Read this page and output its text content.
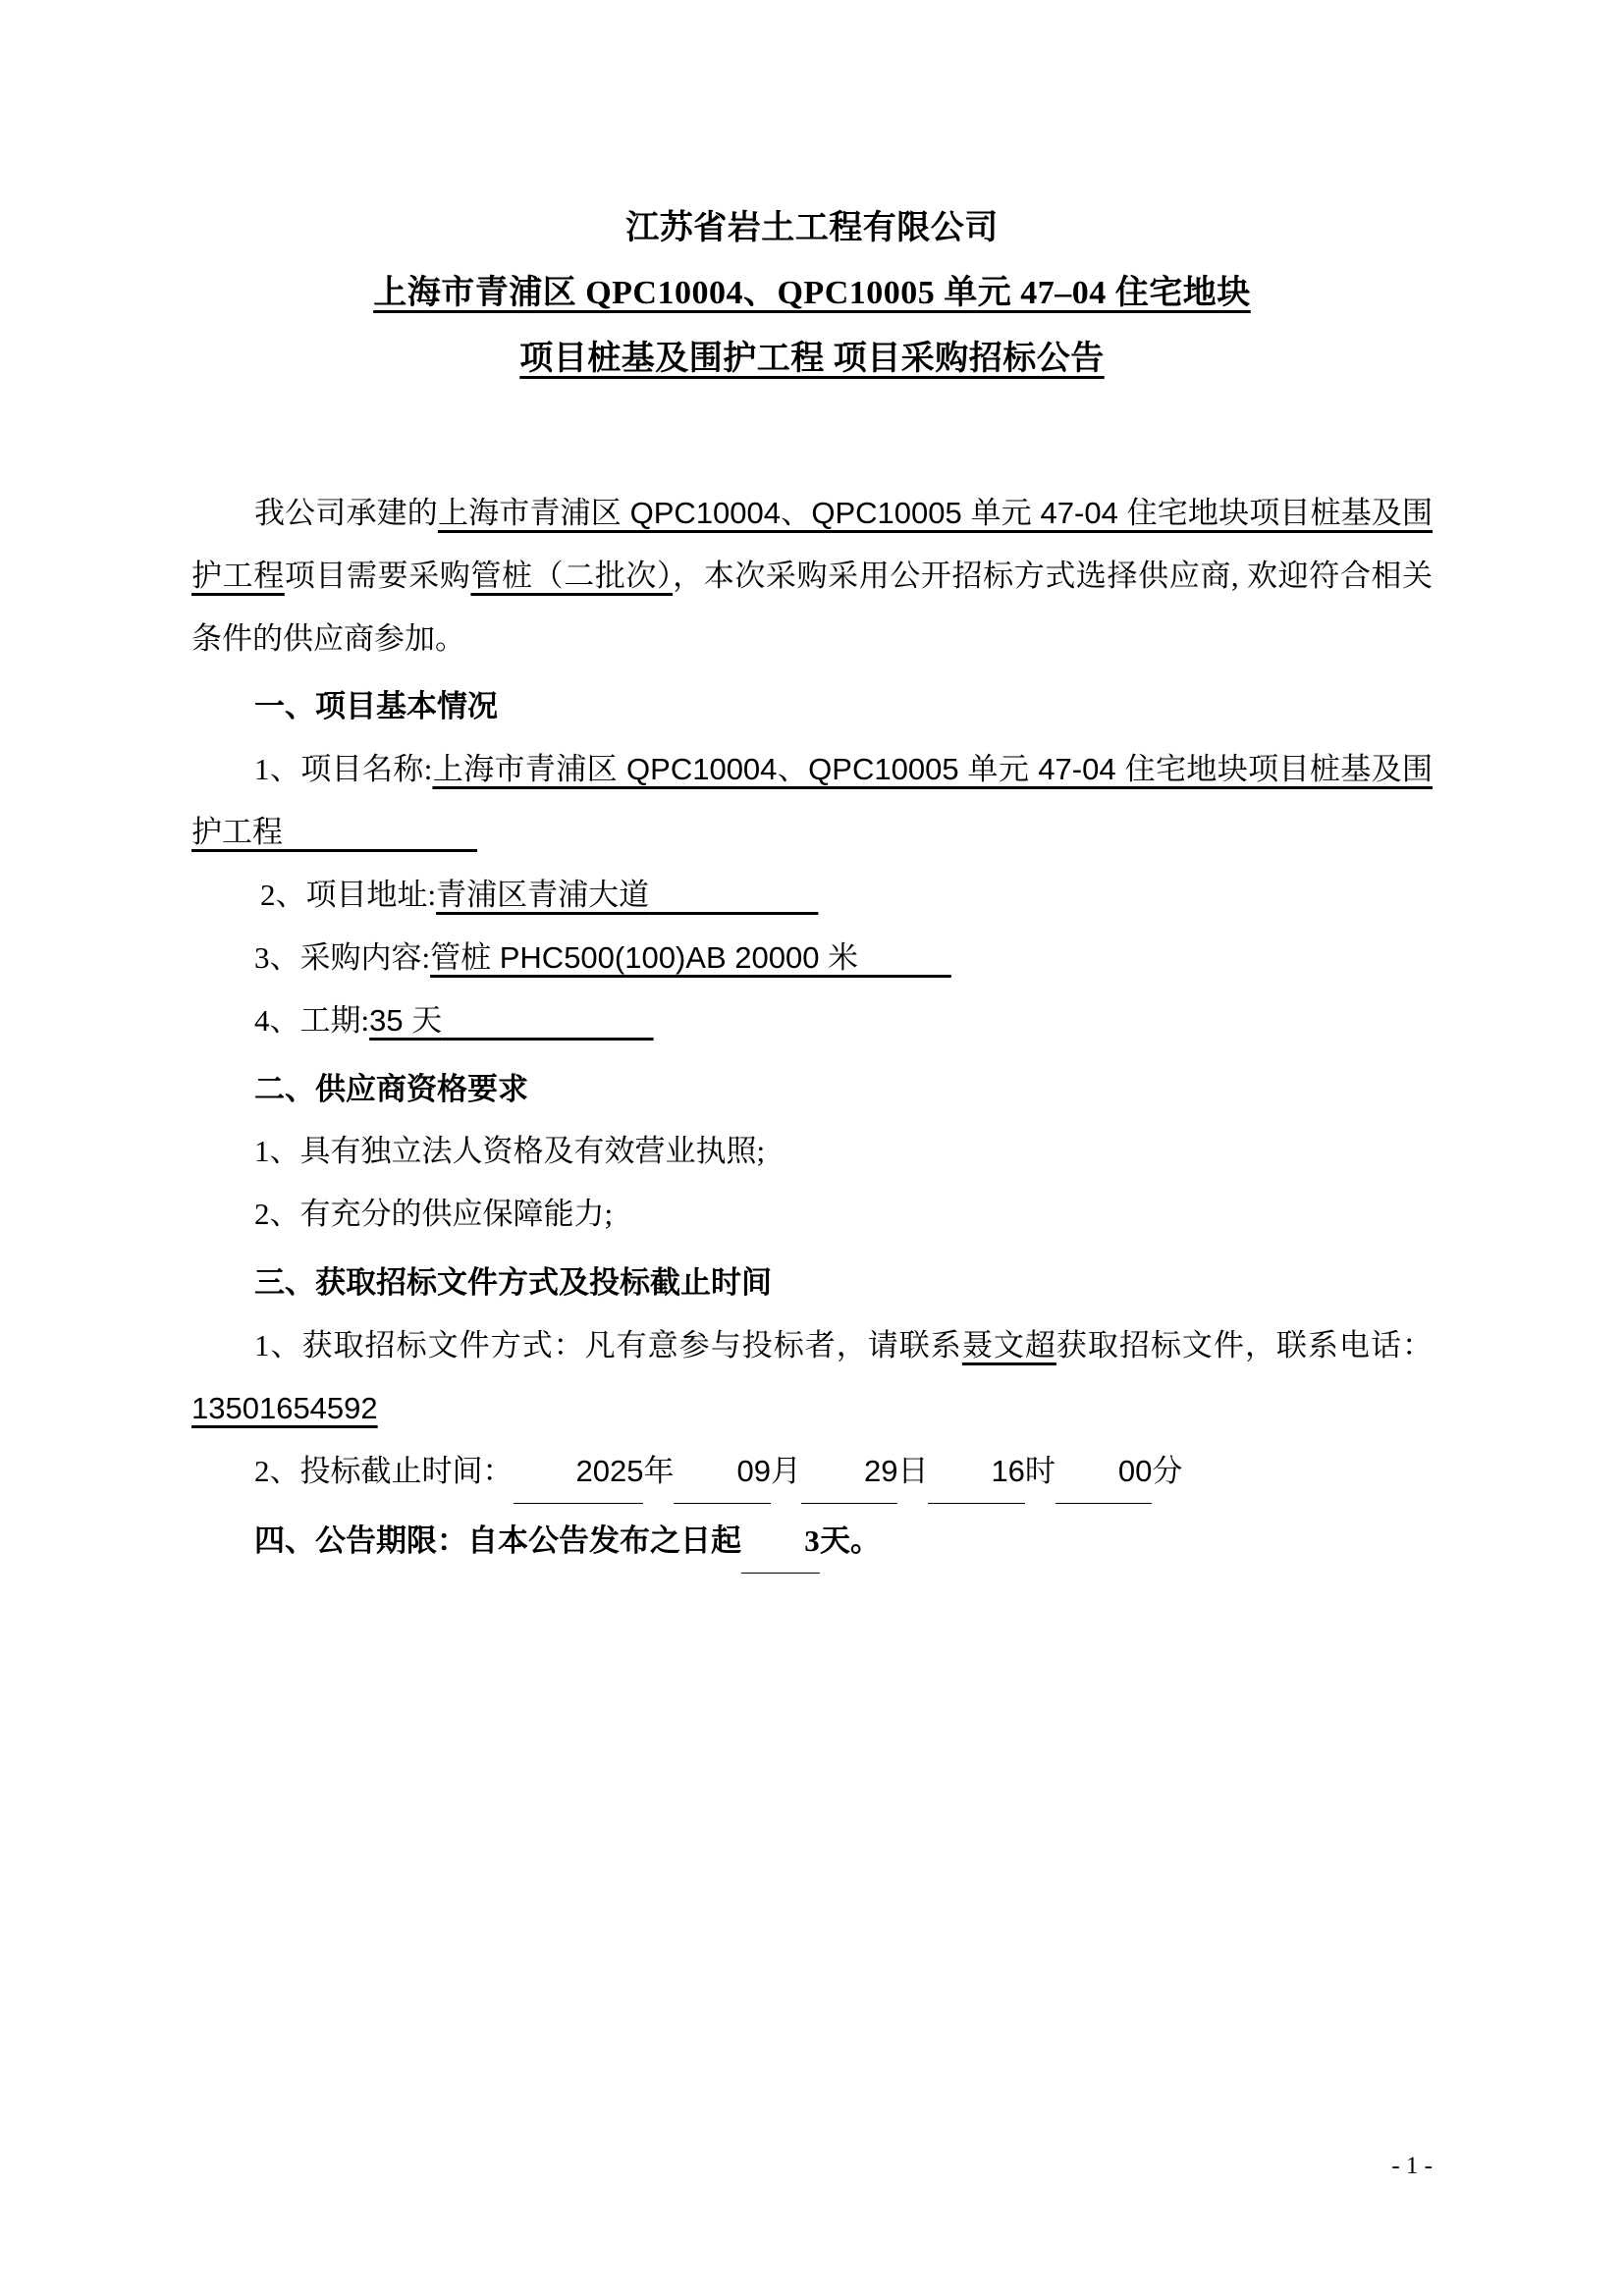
江苏省岩土工程有限公司
上海市青浦区 QPC10004、QPC10005 单元 47–04 住宅地块
项目桩基及围护工程 项目采购招标公告

我公司承建的上海市青浦区 QPC10004、QPC10005 单元 47-04 住宅地块项目桩基及围护工程项目需要采购管桩（二批次），本次采购采用公开招标方式选择供应商, 欢迎符合相关条件的供应商参加。

一、项目基本情况

1、项目名称:上海市青浦区 QPC10004、QPC10005 单元 47-04 住宅地块项目桩基及围护工程

2、项目地址:青浦区青浦大道

3、采购内容:管桩 PHC500(100)AB 20000 米

4、工期:35 天

二、供应商资格要求

1、具有独立法人资格及有效营业执照;

2、有充分的供应保障能力;

三、获取招标文件方式及投标截止时间

1、获取招标文件方式：凡有意参与投标者，请联系聂文超获取招标文件，联系电话：13501654592

2、投标截止时间： 2025年 09月 29日 16时 00分

四、公告期限：自本公告发布之日起 3天。

- 1 -
